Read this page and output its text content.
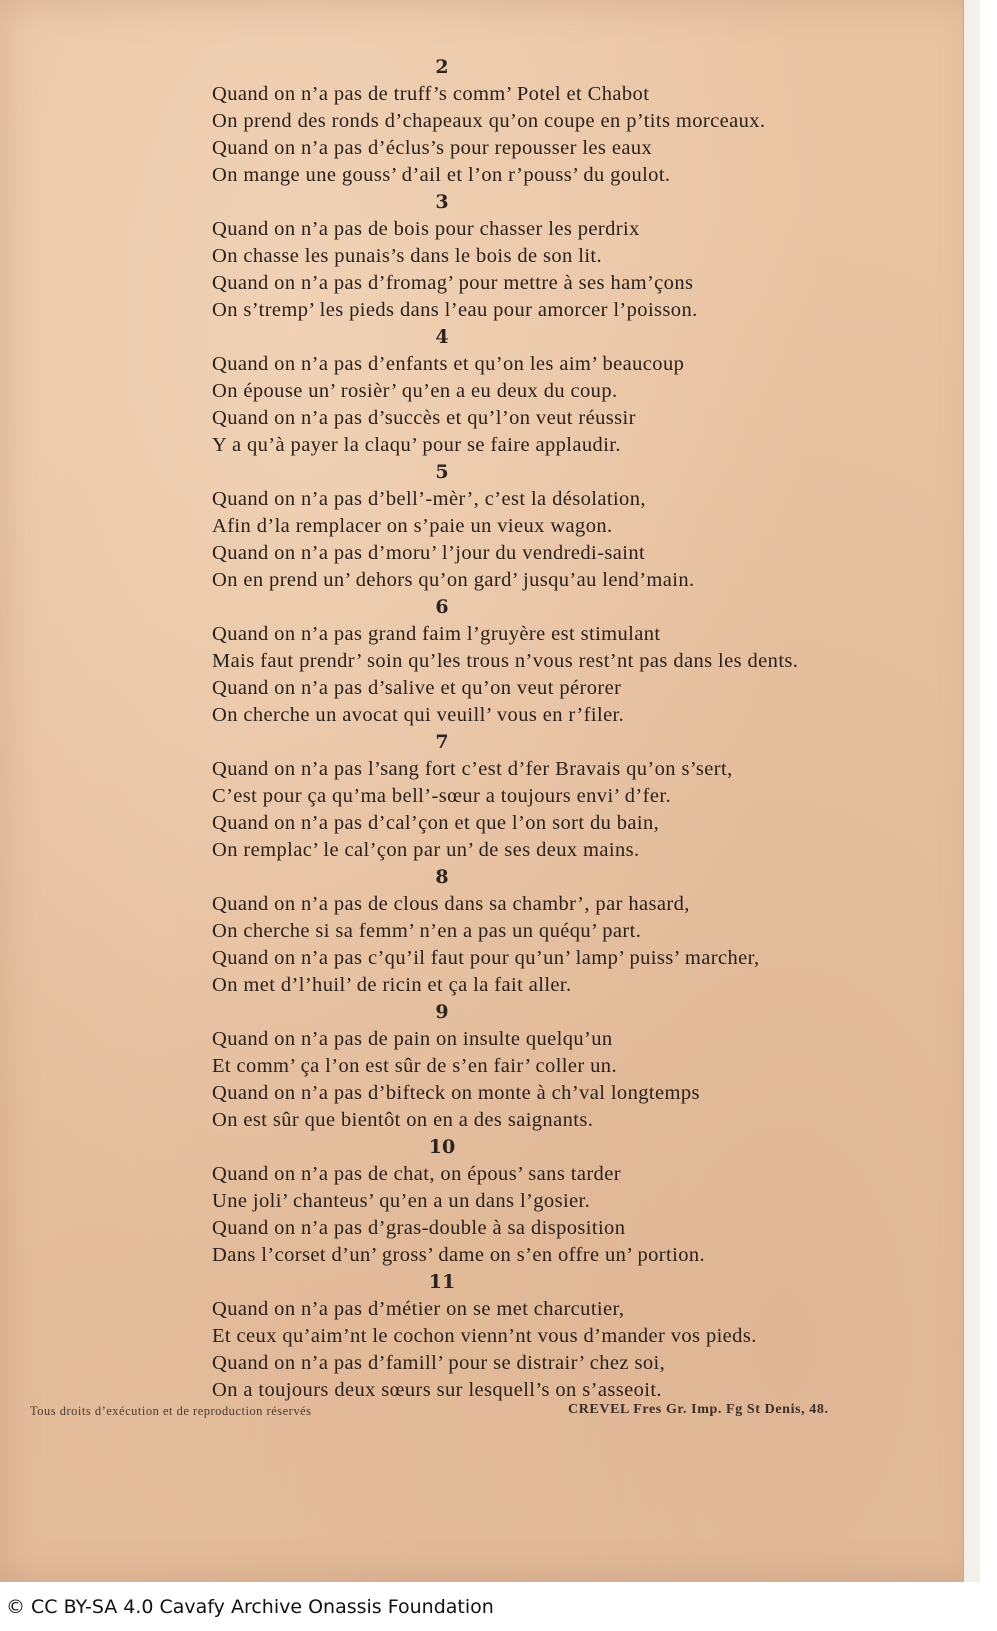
2
Quand on n’a pas de truff’s comm’ Potel et Chabot
On prend des ronds d’chapeaux qu’on coupe en p’tits morceaux.
Quand on n’a pas d’éclus’s pour repousser les eaux
On mange une gouss’ d’ail et l’on r’pouss’ du goulot.
3
Quand on n’a pas de bois pour chasser les perdrix
On chasse les punais’s dans le bois de son lit.
Quand on n’a pas d’fromag’ pour mettre à ses ham’çons
On s’tremp’ les pieds dans l’eau pour amorcer l’poisson.
4
Quand on n’a pas d’enfants et qu’on les aim’ beaucoup
On épouse un’ rosièr’ qu’en a eu deux du coup.
Quand on n’a pas d’succès et qu’l’on veut réussir
Y a qu’à payer la claqu’ pour se faire applaudir.
5
Quand on n’a pas d’bell’-mèr’, c’est la désolation,
Afin d’la remplacer on s’paie un vieux wagon.
Quand on n’a pas d’moru’ l’jour du vendredi-saint
On en prend un’ dehors qu’on gard’ jusqu’au lend’main.
6
Quand on n’a pas grand faim l’gruyère est stimulant
Mais faut prendr’ soin qu’les trous n’vous rest’nt pas dans les dents.
Quand on n’a pas d’salive et qu’on veut pérorer
On cherche un avocat qui veuill’ vous en r’filer.
7
Quand on n’a pas l’sang fort c’est d’fer Bravais qu’on s’sert,
C’est pour ça qu’ma bell’-sœur a toujours envi’ d’fer.
Quand on n’a pas d’cal’çon et que l’on sort du bain,
On remplac’ le cal’çon par un’ de ses deux mains.
8
Quand on n’a pas de clous dans sa chambr’, par hasard,
On cherche si sa femm’ n’en a pas un quéqu’ part.
Quand on n’a pas c’qu’il faut pour qu’un’ lamp’ puiss’ marcher,
On met d’l’huil’ de ricin et ça la fait aller.
9
Quand on n’a pas de pain on insulte quelqu’un
Et comm’ ça l’on est sûr de s’en fair’ coller un.
Quand on n’a pas d’bifteck on monte à ch’val longtemps
On est sûr que bientôt on en a des saignants.
10
Quand on n’a pas de chat, on épous’ sans tarder
Une joli’ chanteus’ qu’en a un dans l’gosier.
Quand on n’a pas d’gras-double à sa disposition
Dans l’corset d’un’ gross’ dame on s’en offre un’ portion.
11
Quand on n’a pas d’métier on se met charcutier,
Et ceux qu’aim’nt le cochon vienn’nt vous d’mander vos pieds.
Quand on n’a pas d’famill’ pour se distrair’ chez soi,
On a toujours deux sœurs sur lesquell’s on s’asseoit.
Tous droits d’exécution et de reproduction réservés	CREVEL Fres Gr. Imp. Fg St Denis, 48.
© CC BY-SA 4.0 Cavafy Archive Onassis Foundation
